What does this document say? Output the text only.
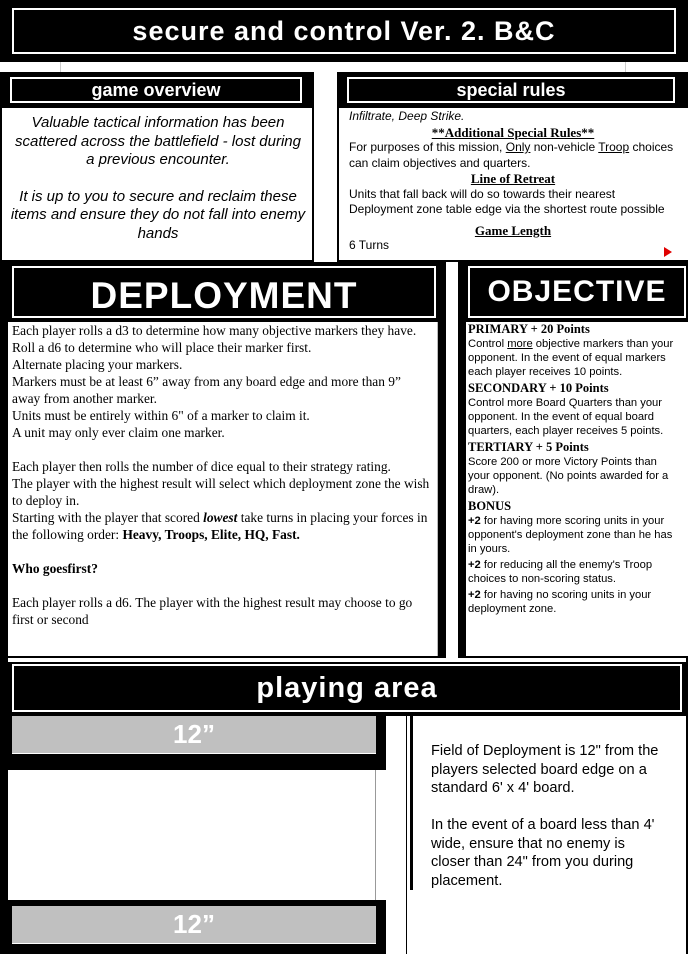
secure and control Ver. 2. B&C
game overview

Valuable tactical information has been scattered across the battlefield - lost during a previous encounter.

It is up to you to secure and reclaim these items and ensure they do not fall into enemy hands

special rules

Infiltrate, Deep Strike.

**Additional Special Rules**

For purposes of this mission, Only non-vehicle Troop choices can claim objectives and quarters.

Line of Retreat

Units that fall back will do so towards their nearest Deployment zone table edge via the shortest route possible

Game Length

6 Turns

DEPLOYMENT

Each player rolls a d3 to determine how many objective markers they have.

Roll a d6 to determine who will place their marker first.

Alternate placing your markers.

Markers must be at least 6” away from any board edge and more than 9” away from another marker.

Units must be entirely within 6" of a marker to claim it.

A unit may only ever claim one marker.

Each player then rolls the number of dice equal to their strategy rating.

The player with the highest result will select which deployment zone the wish to deploy in.

Starting with the player that scored lowest take turns in placing your forces in the following order: Heavy, Troops, Elite, HQ, Fast.

Who goesfirst?

Each player rolls a d6. The player with the highest result may choose to go first or second

OBJECTIVE

PRIMARY + 20 Points

Control more objective markers than your opponent. In the event of equal markers each player receives 10 points.

SECONDARY + 10 Points

Control more Board Quarters than your opponent. In the event of equal board quarters, each player receives 5 points.

TERTIARY + 5 Points

Score 200 or more Victory Points than your opponent. (No points awarded for a draw).

BONUS

+2 for having more scoring units in your opponent's deployment zone than he has in yours.

+2 for reducing all the enemy's Troop choices to non-scoring status.

+2 for having no scoring units in your deployment zone.

playing area
12”
12”

Field of Deployment is 12" from the players selected board edge on a standard 6' x 4' board.

In the event of a board less than 4' wide, ensure that no enemy is closer than 24" from you during placement.
